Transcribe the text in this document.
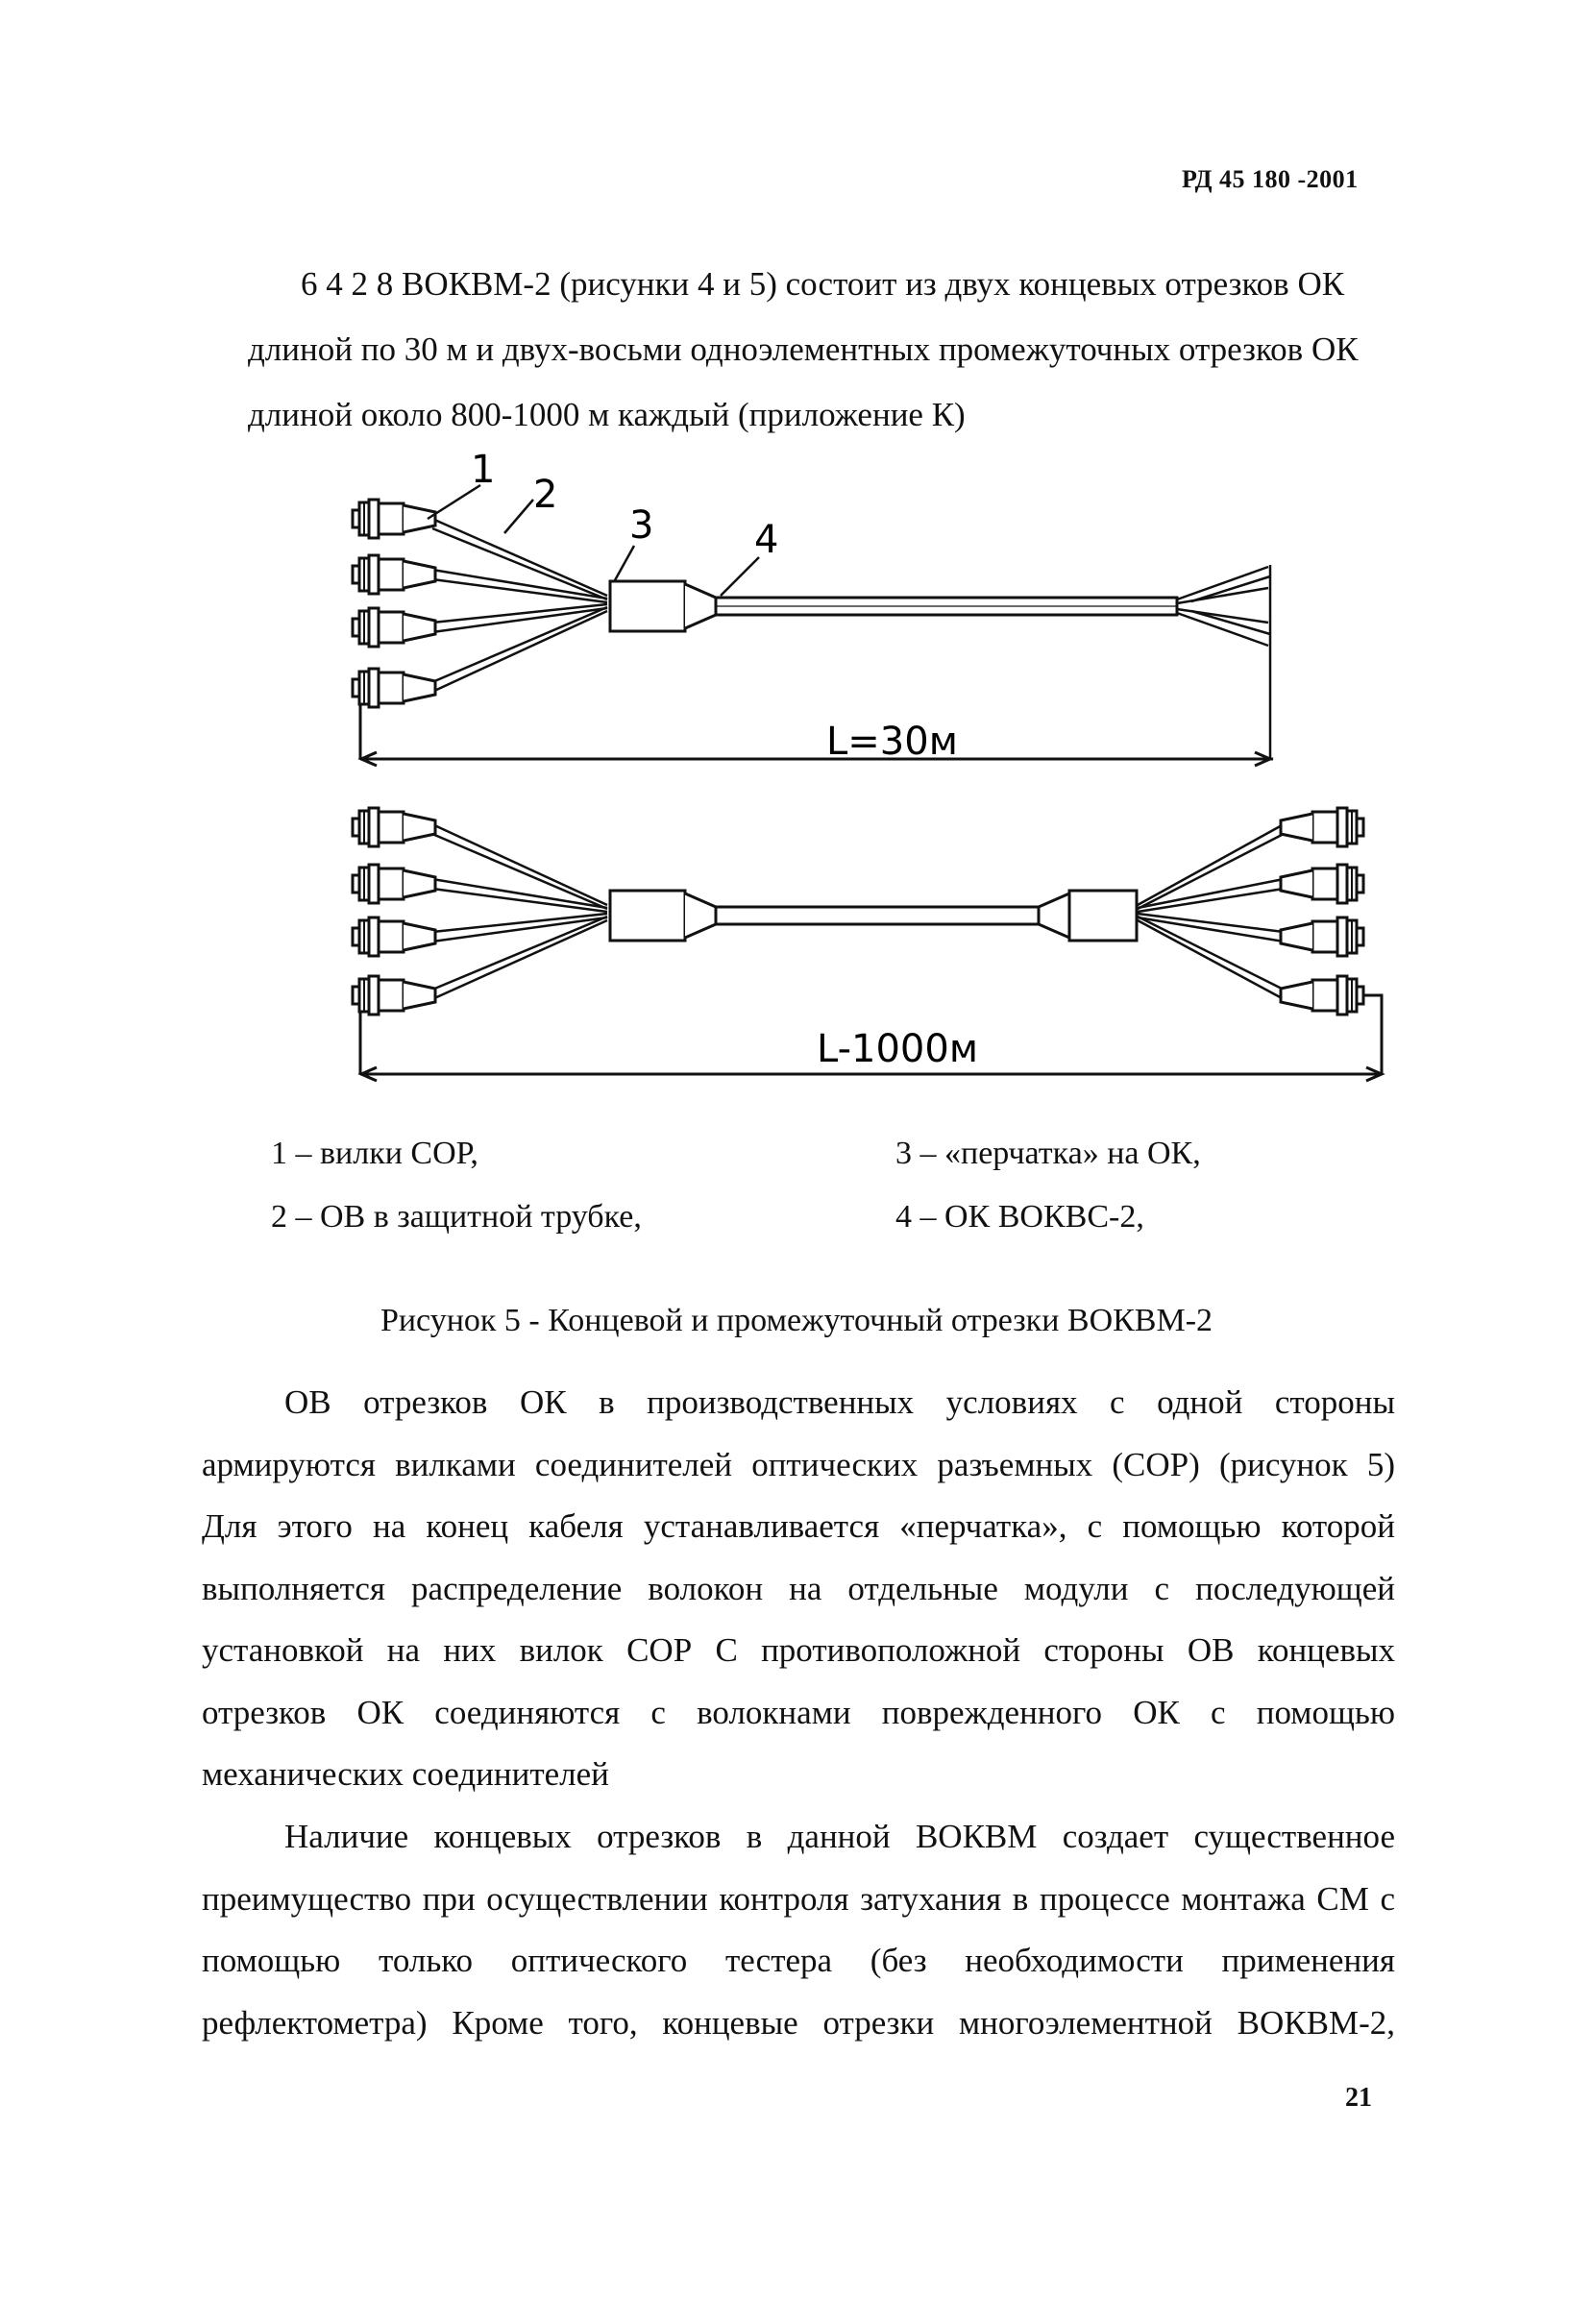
РД 45 180 -2001
6 4 2 8 ВОКВМ-2 (рисунки 4 и 5) состоит из двух концевых отрезков ОК
длиной по 30 м и двух-восьми одноэлементных промежуточных отрезков ОК
длиной около 800-1000 м каждый (приложение К)
1
2
3	4
L=30м
L-1000м
1 – вилки СОР,
2 – ОВ в защитной трубке,
3 – «перчатка» на ОК,
4 – ОК ВОКВС-2,
Рисунок 5 - Концевой и промежуточный отрезки ВОКВМ-2
ОВ отрезков ОК в производственных условиях с одной стороны
армируются вилками соединителей оптических разъемных (СОР) (рисунок 5)
Для этого на конец кабеля устанавливается «перчатка», с помощью которой
выполняется распределение волокон на отдельные модули с последующей
установкой на них вилок СОР С противоположной стороны ОВ концевых
отрезков ОК соединяются с волокнами поврежденного ОК с помощью
механических соединителей
Наличие концевых отрезков в данной ВОКВМ создает существенное
преимущество при осуществлении контроля затухания в процессе монтажа СМ с
помощью только оптического тестера (без необходимости применения
рефлектометра) Кроме того, концевые отрезки многоэлементной ВОКВМ-2,
21
